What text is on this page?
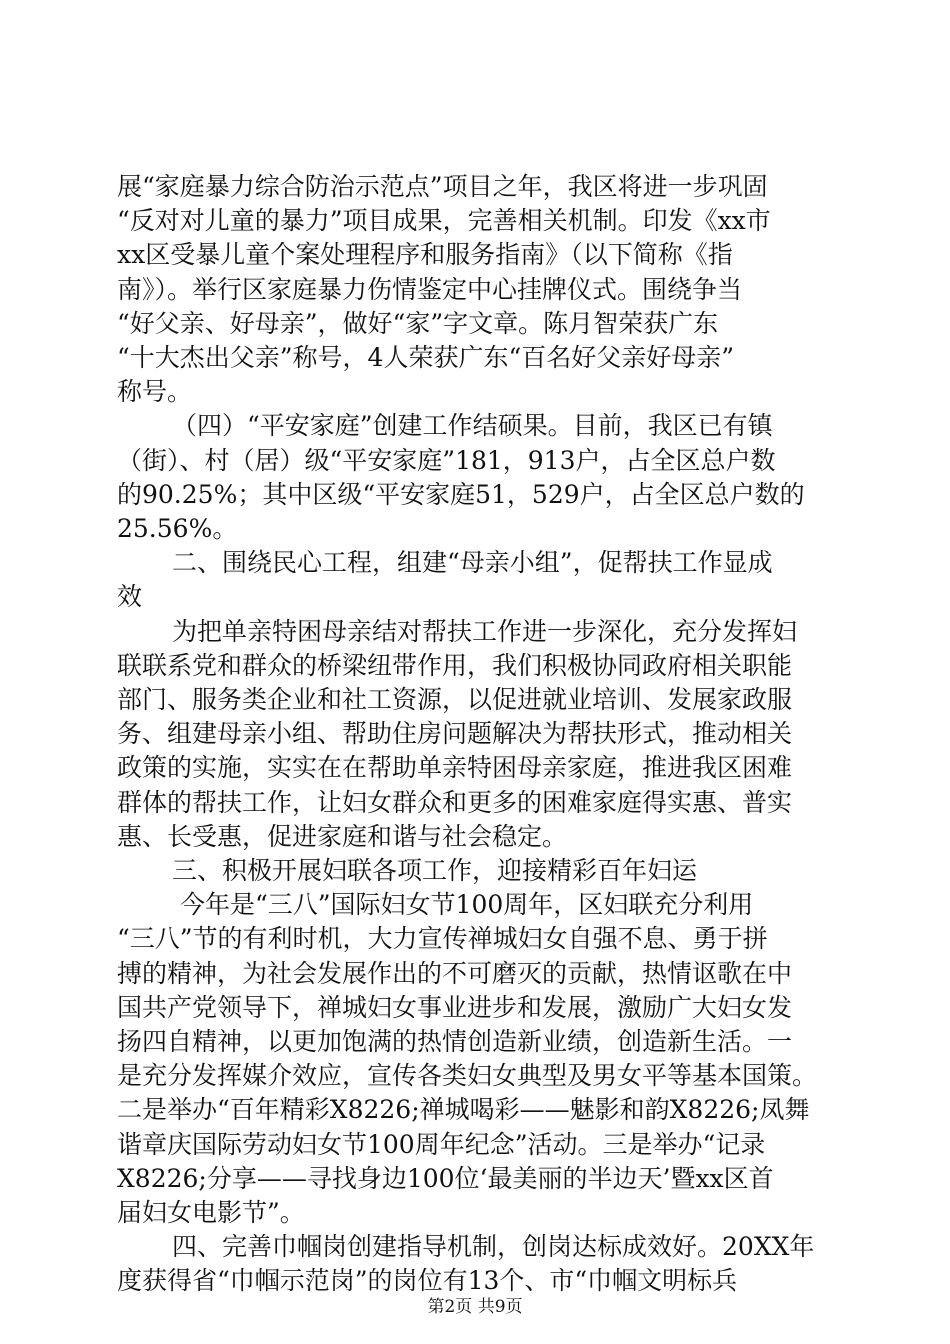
展“家庭暴力综合防治示范点”项目之年，我区将进一步巩固
“反对对儿童的暴力”项目成果，完善相关机制。印发《xx市
xx区受暴儿童个案处理程序和服务指南》（以下简称《指
南》）。举行区家庭暴力伤情鉴定中心挂牌仪式。围绕争当
“好父亲、好母亲”，做好“家”字文章。陈月智荣获广东
“十大杰出父亲”称号，4人荣获广东“百名好父亲好母亲”
称号。
（四）“平安家庭”创建工作结硕果。目前，我区已有镇
（街）、村（居）级“平安家庭”181，913户，占全区总户数
的90.25%；其中区级“平安家庭51，529户，占全区总户数的
25.56%。
二、围绕民心工程，组建“母亲小组”，促帮扶工作显成
效
为把单亲特困母亲结对帮扶工作进一步深化，充分发挥妇
联联系党和群众的桥梁纽带作用，我们积极协同政府相关职能
部门、服务类企业和社工资源，以促进就业培训、发展家政服
务、组建母亲小组、帮助住房问题解决为帮扶形式，推动相关
政策的实施，实实在在帮助单亲特困母亲家庭，推进我区困难
群体的帮扶工作，让妇女群众和更多的困难家庭得实惠、普实
惠、长受惠，促进家庭和谐与社会稳定。
三、积极开展妇联各项工作，迎接精彩百年妇运
今年是“三八”国际妇女节100周年，区妇联充分利用
“三八”节的有利时机，大力宣传禅城妇女自强不息、勇于拼
搏的精神，为社会发展作出的不可磨灭的贡献，热情讴歌在中
国共产党领导下，禅城妇女事业进步和发展，激励广大妇女发
扬四自精神，以更加饱满的热情创造新业绩，创造新生活。一
是充分发挥媒介效应，宣传各类妇女典型及男女平等基本国策。
二是举办“百年精彩X8226;禅城喝彩——魅影和韵X8226;凤舞
谐章庆国际劳动妇女节100周年纪念”活动。三是举办“记录
X8226;分享——寻找身边100位‘最美丽的半边天’暨xx区首
届妇女电影节”。
四、完善巾帼岗创建指导机制，创岗达标成效好。20XX年
度获得省“巾帼示范岗”的岗位有13个、市“巾帼文明标兵
第2页 共9页
